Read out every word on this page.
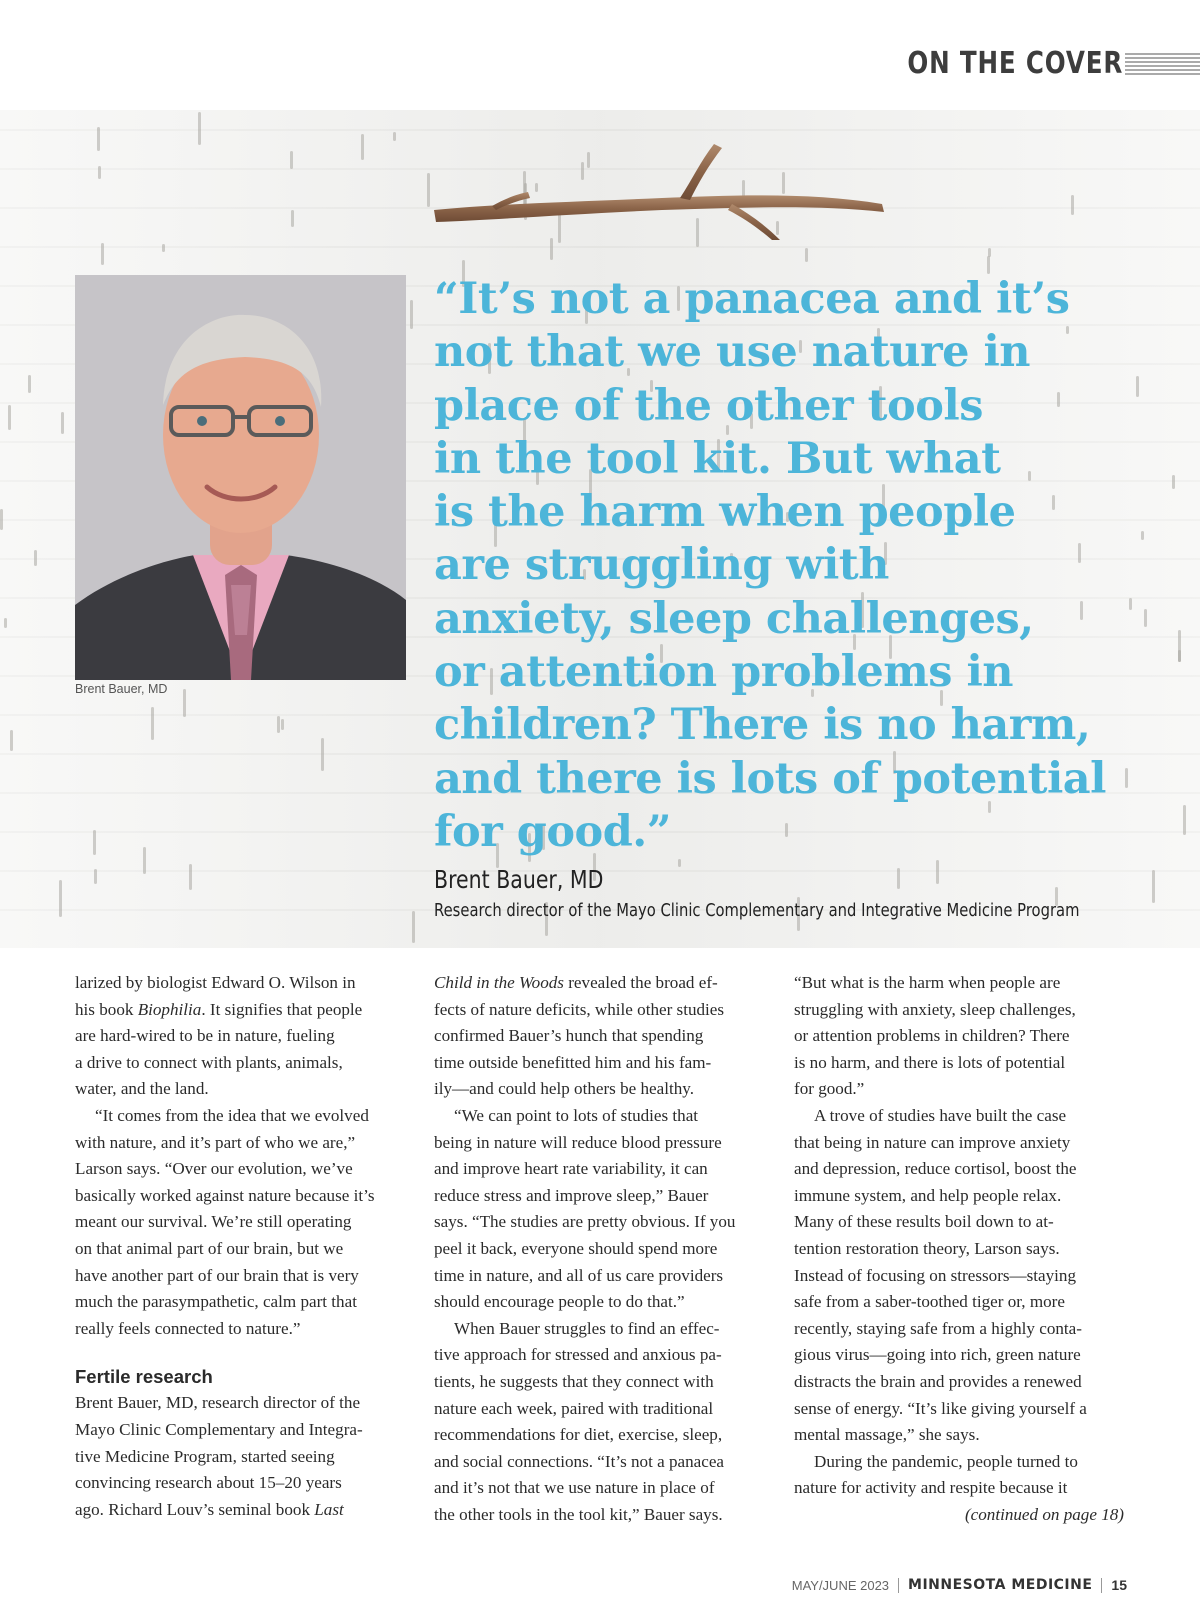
ON THE COVER
Brent Bauer, MD

“It’s not a panacea and it’s
not that we use nature in
place of the other tools
in the tool kit. But what
is the harm when people
are struggling with
anxiety, sleep challenges,
or attention problems in
children? There is no harm,
and there is lots of potential
for good.”

Brent Bauer, MD
Research director of the Mayo Clinic Complementary and Integrative Medicine Program

larized by biologist Edward O. Wilson in
his book Biophilia. It signifies that people
are hard-wired to be in nature, fueling
a drive to connect with plants, animals,
water, and the land.

“It comes from the idea that we evolved
with nature, and it’s part of who we are,”
Larson says. “Over our evolution, we’ve
basically worked against nature because it’s
meant our survival. We’re still operating
on that animal part of our brain, but we
have another part of our brain that is very
much the parasympathetic, calm part that
really feels connected to nature.”

Fertile research

Brent Bauer, MD, research director of the
Mayo Clinic Complementary and Integra-
tive Medicine Program, started seeing
convincing research about 15–20 years
ago. Richard Louv’s seminal book Last

Child in the Woods revealed the broad ef-
fects of nature deficits, while other studies
confirmed Bauer’s hunch that spending
time outside benefitted him and his fam-
ily—and could help others be healthy.

“We can point to lots of studies that
being in nature will reduce blood pressure
and improve heart rate variability, it can
reduce stress and improve sleep,” Bauer
says. “The studies are pretty obvious. If you
peel it back, everyone should spend more
time in nature, and all of us care providers
should encourage people to do that.”

When Bauer struggles to find an effec-
tive approach for stressed and anxious pa-
tients, he suggests that they connect with
nature each week, paired with traditional
recommendations for diet, exercise, sleep,
and social connections. “It’s not a panacea
and it’s not that we use nature in place of
the other tools in the tool kit,” Bauer says.

“But what is the harm when people are
struggling with anxiety, sleep challenges,
or attention problems in children? There
is no harm, and there is lots of potential
for good.”

A trove of studies have built the case
that being in nature can improve anxiety
and depression, reduce cortisol, boost the
immune system, and help people relax.
Many of these results boil down to at-
tention restoration theory, Larson says.
Instead of focusing on stressors—staying
safe from a saber-toothed tiger or, more
recently, staying safe from a highly conta-
gious virus—going into rich, green nature
distracts the brain and provides a renewed
sense of energy. “It’s like giving yourself a
mental massage,” she says.

During the pandemic, people turned to
nature for activity and respite because it

(continued on page 18)

MAY/JUNE 2023 MINNESOTA MEDICINE 15
